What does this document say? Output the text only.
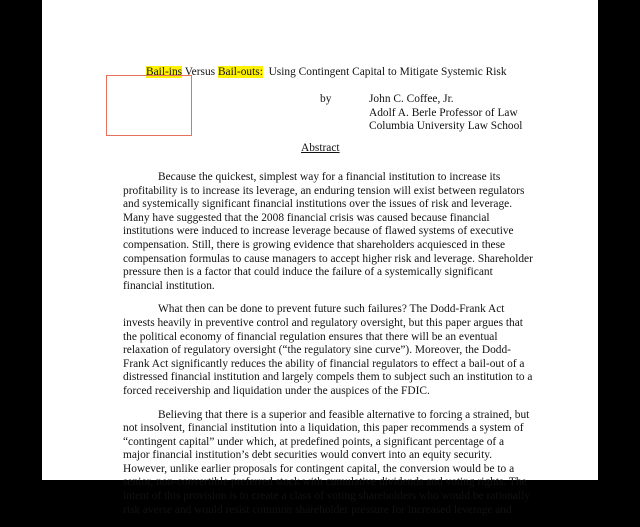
Bail-ins Versus Bail-outs:  Using Contingent Capital to Mitigate Systemic Risk
by	John C. Coffee, Jr.
Adolf A. Berle Professor of Law
Columbia University Law School
Abstract
Because the quickest, simplest way for a financial institution to increase its
profitability is to increase its leverage, an enduring tension will exist between regulators
and systemically significant financial institutions over the issues of risk and leverage.
Many have suggested that the 2008 financial crisis was caused because financial
institutions were induced to increase leverage because of flawed systems of executive
compensation. Still, there is growing evidence that shareholders acquiesced in these
compensation formulas to cause managers to accept higher risk and leverage. Shareholder
pressure then is a factor that could induce the failure of a systemically significant
financial institution.
What then can be done to prevent future such failures? The Dodd-Frank Act
invests heavily in preventive control and regulatory oversight, but this paper argues that
the political economy of financial regulation ensures that there will be an eventual
relaxation of regulatory oversight (“the regulatory sine curve”). Moreover, the Dodd-
Frank Act significantly reduces the ability of financial regulators to effect a bail-out of a
distressed financial institution and largely compels them to subject such an institution to a
forced receivership and liquidation under the auspices of the FDIC.
Believing that there is a superior and feasible alternative to forcing a strained, but
not insolvent, financial institution into a liquidation, this paper recommends a system of
“contingent capital” under which, at predefined points, a significant percentage of a
major financial institution’s debt securities would convert into an equity security.
However, unlike earlier proposals for contingent capital, the conversion would be to a
senior, non-convertible preferred stock with cumulative dividends and voting rights. The
intent of this provision is to create a class of voting shareholders who would be rationally
risk averse and would resist common shareholder pressure for increased leverage and
